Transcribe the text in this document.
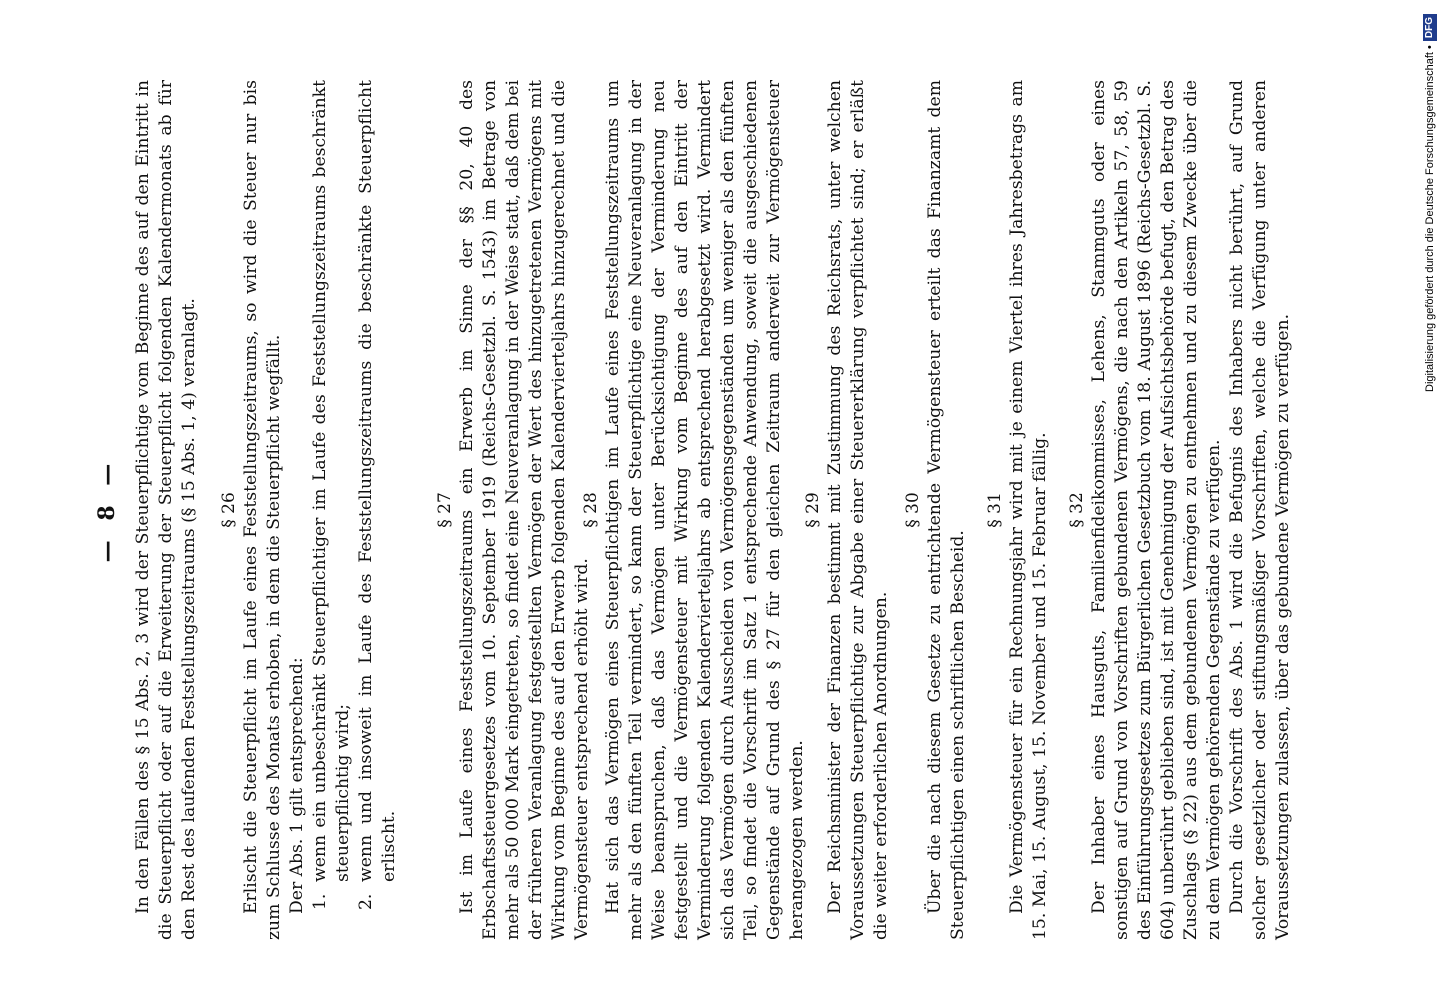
— 8 — In den Fällen des § 15 Abs. 2, 3 wird der Steuerpflichtige vom Beginne des auf den Eintritt in die Steuerpflicht oder auf die Erweiterung der Steuerpflicht folgenden Kalendermonats ab für den Rest des laufenden Feststellungszeitraums (§ 15 Abs. 1, 4) veranlagt. § 26 Erlischt die Steuerpflicht im Laufe eines Feststellungszeitraums, so wird die Steuer nur bis zum Schlusse des Monats erhoben, in dem die Steuerpflicht wegfällt. Der Abs. 1 gilt entsprechend: 1.
wenn ein unbeschränkt Steuerpflichtiger im Laufe des Feststellungszeitraums beschränkt steuerpflichtig wird;
2.
wenn und insoweit im Laufe des Feststellungszeitraums die beschränkte Steuerpflicht erlischt.
§ 27 Ist im Laufe eines Feststellungszeitraums ein Erwerb im Sinne der §§ 20, 40 des Erbschaftssteuergesetzes vom 10. September 1919 (Reichs-Gesetzbl. S. 1543) im Betrage von mehr als 50 000 Mark eingetreten, so findet eine Neuveranlagung in der Weise statt, daß dem bei der früheren Veranlagung festgestellten Vermögen der Wert des hinzugetretenen Vermögens mit Wirkung vom Beginne des auf den Erwerb folgenden Kalendervierteljahrs hinzugerechnet und die Vermögensteuer entsprechend erhöht wird.

§ 28 Hat sich das Vermögen eines Steuerpflichtigen im Laufe eines Feststellungszeitraums um mehr als den fünften Teil vermindert, so kann der Steuerpflichtige eine Neuveranlagung in der Weise beanspruchen, daß das Vermögen unter Berücksichtigung der Verminderung neu festgestellt und die Vermögensteuer mit Wirkung vom Beginne des auf den Eintritt der Verminderung folgenden Kalendervierteljahrs ab entsprechend herabgesetzt wird. Vermindert sich das Vermögen durch Ausscheiden von Vermögensgegenständen um weniger als den fünften Teil, so findet die Vorschrift im Satz 1 entsprechende Anwendung, soweit die ausgeschiedenen Gegenstände auf Grund des § 27 für den gleichen Zeitraum anderweit zur Vermögensteuer herangezogen werden.

§ 29 Der Reichsminister der Finanzen bestimmt mit Zustimmung des Reichsrats, unter welchen Voraussetzungen Steuerpflichtige zur Abgabe einer Steuererklärung verpflichtet sind; er erläßt die weiter erforderlichen Anordnungen.

§ 30 Über die nach diesem Gesetze zu entrichtende Vermögensteuer erteilt das Finanzamt dem Steuerpflichtigen einen schriftlichen Bescheid.

§ 31 Die Vermögensteuer für ein Rechnungsjahr wird mit je einem Viertel ihres Jahresbetrags am 15. Mai, 15. August, 15. November und 15. Februar fällig. § 32 Der Inhaber eines Hausguts, Familienfideikommisses, Lehens, Stammguts oder eines sonstigen auf Grund von Vorschriften gebundenen Vermögens, die nach den Artikeln 57, 58, 59 des Einführungsgesetzes zum Bürgerlichen Gesetzbuch vom 18. August 1896 (Reichs-Gesetzbl. S. 604) unberührt geblieben sind, ist mit Genehmigung der Aufsichtsbehörde befugt, den Betrag des Zuschlags (§ 22) aus dem gebundenen Vermögen zu entnehmen und zu diesem Zwecke über die zu dem Vermögen gehörenden Gegenstände zu verfügen. Durch die Vorschrift des Abs. 1 wird die Befugnis des Inhabers nicht berührt, auf Grund solcher gesetzlicher oder stiftungsmäßiger Vorschriften, welche die Verfügung unter anderen Voraussetzungen zulassen, über das gebundene Vermögen zu verfügen.

Digitalisierung gefördert durch die Deutsche Forschungsgemeinschaft •DFG
